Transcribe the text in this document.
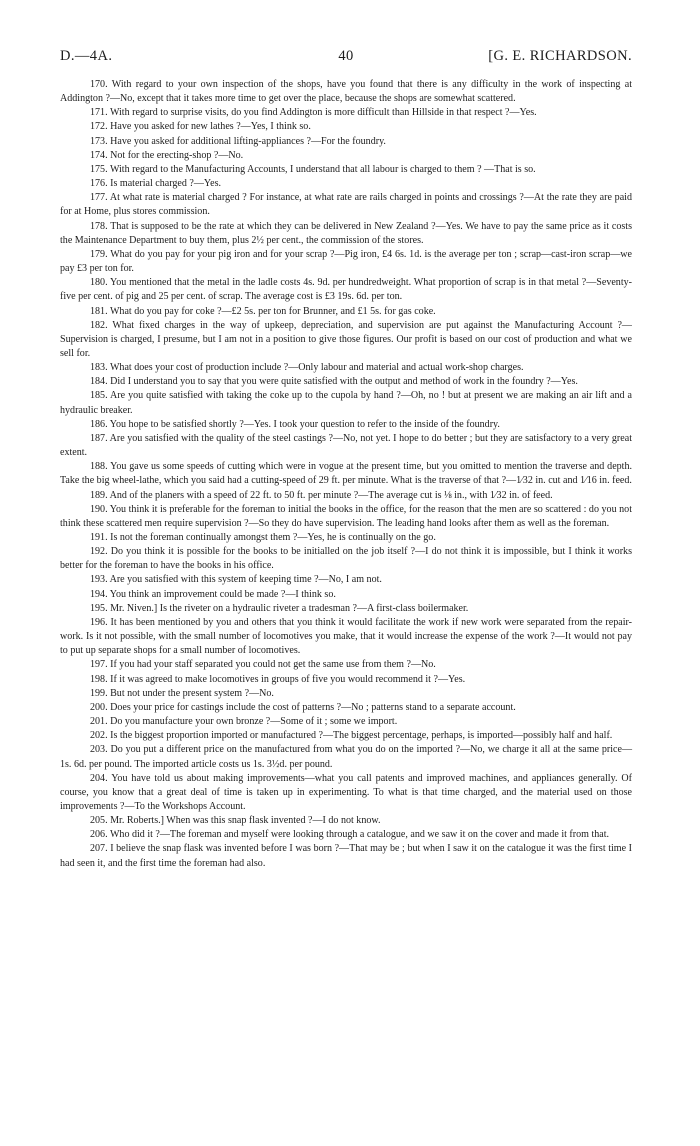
D.—4A.	40	[G. E. RICHARDSON.

170. With regard to your own inspection of the shops, have you found that there is any difficulty in the work of inspecting at Addington ?—No, except that it takes more time to get over the place, because the shops are somewhat scattered.

171. With regard to surprise visits, do you find Addington is more difficult than Hillside in that respect ?—Yes.

172. Have you asked for new lathes ?—Yes, I think so.

173. Have you asked for additional lifting-appliances ?—For the foundry.

174. Not for the erecting-shop ?—No.

175. With regard to the Manufacturing Accounts, I understand that all labour is charged to them ? —That is so.

176. Is material charged ?—Yes.

177. At what rate is material charged ? For instance, at what rate are rails charged in points and crossings ?—At the rate they are paid for at Home, plus stores commission.

178. That is supposed to be the rate at which they can be delivered in New Zealand ?—Yes. We have to pay the same price as it costs the Maintenance Department to buy them, plus 2½ per cent., the commission of the stores.

179. What do you pay for your pig iron and for your scrap ?—Pig iron, £4 6s. 1d. is the average per ton ; scrap—cast-iron scrap—we pay £3 per ton for.

180. You mentioned that the metal in the ladle costs 4s. 9d. per hundredweight. What proportion of scrap is in that metal ?—Seventy-five per cent. of pig and 25 per cent. of scrap. The average cost is £3 19s. 6d. per ton.

181. What do you pay for coke ?—£2 5s. per ton for Brunner, and £1 5s. for gas coke.

182. What fixed charges in the way of upkeep, depreciation, and supervision are put against the Manufacturing Account ?—Supervision is charged, I presume, but I am not in a position to give those figures. Our profit is based on our cost of production and what we sell for.

183. What does your cost of production include ?—Only labour and material and actual work-shop charges.

184. Did I understand you to say that you were quite satisfied with the output and method of work in the foundry ?—Yes.

185. Are you quite satisfied with taking the coke up to the cupola by hand ?—Oh, no ! but at present we are making an air lift and a hydraulic breaker.

186. You hope to be satisfied shortly ?—Yes. I took your question to refer to the inside of the foundry.

187. Are you satisfied with the quality of the steel castings ?—No, not yet. I hope to do better ; but they are satisfactory to a very great extent.

188. You gave us some speeds of cutting which were in vogue at the present time, but you omitted to mention the traverse and depth. Take the big wheel-lathe, which you said had a cutting-speed of 29 ft. per minute. What is the traverse of that ?—1⁄32 in. cut and 1⁄16 in. feed.

189. And of the planers with a speed of 22 ft. to 50 ft. per minute ?—The average cut is ⅛ in., with 1⁄32 in. of feed.

190. You think it is preferable for the foreman to initial the books in the office, for the reason that the men are so scattered : do you not think these scattered men require supervision ?—So they do have supervision. The leading hand looks after them as well as the foreman.

191. Is not the foreman continually amongst them ?—Yes, he is continually on the go.

192. Do you think it is possible for the books to be initialled on the job itself ?—I do not think it is impossible, but I think it works better for the foreman to have the books in his office.

193. Are you satisfied with this system of keeping time ?—No, I am not.

194. You think an improvement could be made ?—I think so.

195. Mr. Niven.] Is the riveter on a hydraulic riveter a tradesman ?—A first-class boilermaker.

196. It has been mentioned by you and others that you think it would facilitate the work if new work were separated from the repair-work. Is it not possible, with the small number of locomotives you make, that it would increase the expense of the work ?—It would not pay to put up separate shops for a small number of locomotives.

197. If you had your staff separated you could not get the same use from them ?—No.

198. If it was agreed to make locomotives in groups of five you would recommend it ?—Yes.

199. But not under the present system ?—No.

200. Does your price for castings include the cost of patterns ?—No ; patterns stand to a separate account.

201. Do you manufacture your own bronze ?—Some of it ; some we import.

202. Is the biggest proportion imported or manufactured ?—The biggest percentage, perhaps, is imported—possibly half and half.

203. Do you put a different price on the manufactured from what you do on the imported ?—No, we charge it all at the same price—1s. 6d. per pound. The imported article costs us 1s. 3½d. per pound.

204. You have told us about making improvements—what you call patents and improved machines, and appliances generally. Of course, you know that a great deal of time is taken up in experimenting. To what is that time charged, and the material used on those improvements ?—To the Workshops Account.

205. Mr. Roberts.] When was this snap flask invented ?—I do not know.

206. Who did it ?—The foreman and myself were looking through a catalogue, and we saw it on the cover and made it from that.

207. I believe the snap flask was invented before I was born ?—That may be ; but when I saw it on the catalogue it was the first time I had seen it, and the first time the foreman had also.
